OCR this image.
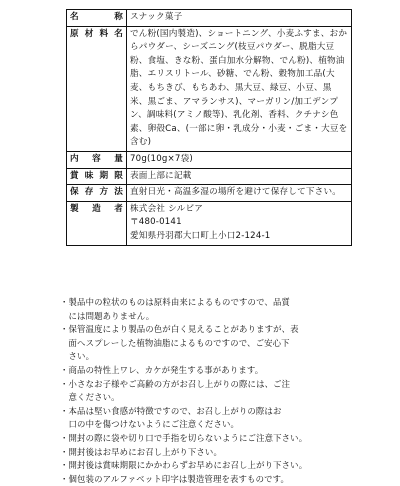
名　称	スナック菓子
原材料名	でん粉(国内製造)、ショートニング、小麦ふすま、おからパウダー、シーズニング(枝豆パウダー、脱脂大豆粉、食塩、きな粉、蛋白加水分解物、でん粉)、植物油脂、エリスリトール、砂糖、でん粉、穀物加工品(大麦、もちきび、もちあわ、黒大豆、緑豆、小豆、黒米、黒ごま、アマランサス)、マーガリン/加工デンプン、調味料(アミノ酸等)、乳化剤、香料、クチナシ色素、卵殻Ca、(一部に卵・乳成分・小麦・ごま・大豆を含む)
内容量	70g(10g×7袋)
賞味期限	表面上部に記載
保存方法	直射日光・高温多湿の場所を避けて保存して下さい。
製造者	株式会社 シルビア
〒480-0141
愛知県丹羽郡大口町上小口2-124-1
・製品中の粒状のものは原料由来によるものですので、品質
　には問題ありません。
・保管温度により製品の色が白く見えることがありますが、表
　面へスプレーした植物油脂によるものですので、ご安心下
　さい。
・商品の特性上ワレ、カケが発生する事があります。
・小さなお子様やご高齢の方がお召し上がりの際には、ご注
　意ください。
・本品は堅い食感が特徴ですので、お召し上がりの際はお
　口の中を傷つけないようにご注意ください。
・開封の際に袋や切り口で手指を切らないようにご注意下さい。
・開封後はお早めにお召し上がり下さい。
・開封後は賞味期限にかかわらずお早めにお召し上がり下さい。
・個包装のアルファベット印字は製造管理を表すものです。
